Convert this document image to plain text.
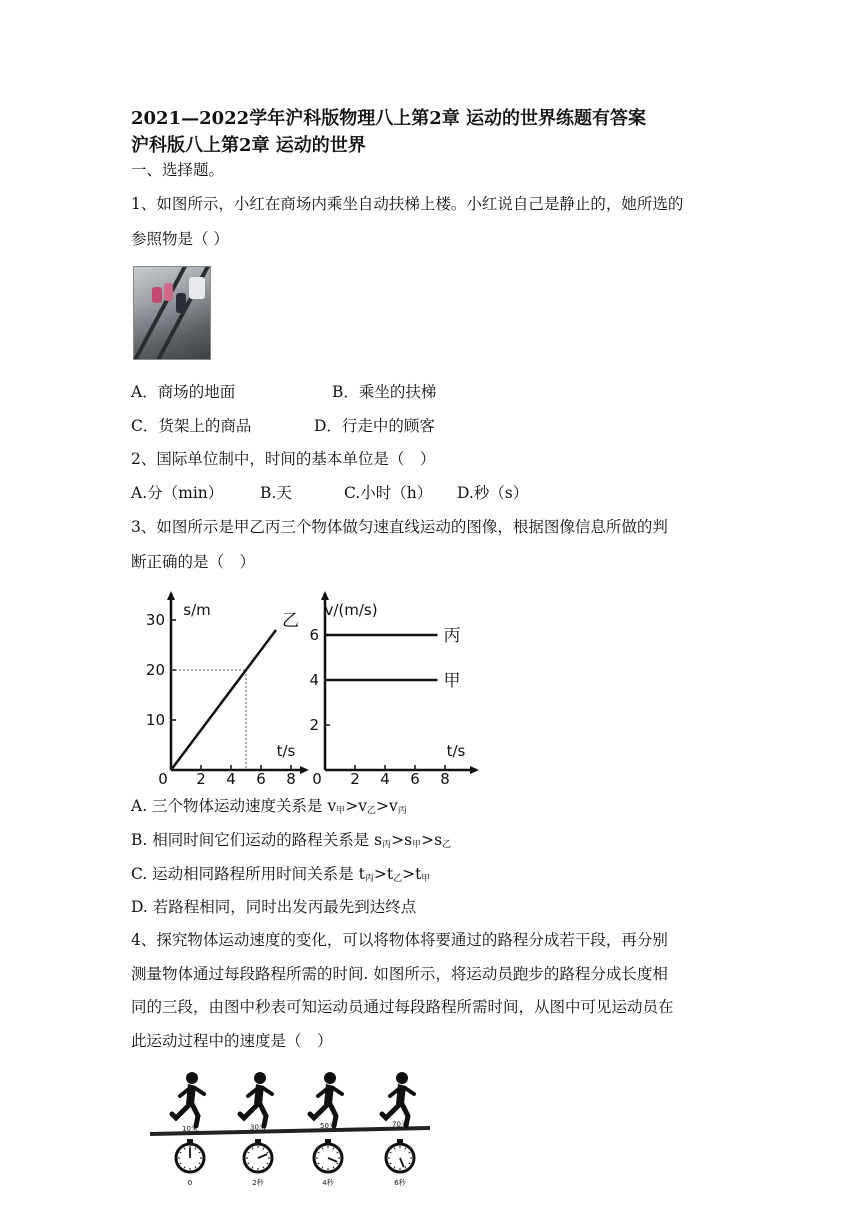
2021—2022学年沪科版物理八上第2章 运动的世界练题有答案
沪科版八上第2章 运动的世界
一、选择题。
1、如图所示，小红在商场内乘坐自动扶梯上楼。小红说自己是静止的，她所选的
参照物是（ ）
A．商场的地面	B．乘坐的扶梯
C．货架上的商品	D．行走中的顾客
2、国际单位制中，时间的基本单位是（　）
A.分（min） B.天	C.小时（h） D.秒（s）
3、如图所示是甲乙丙三个物体做匀速直线运动的图像，根据图像信息所做的判
断正确的是（　）
s/m
t/s
0 2 4 6 8
10
20
30	乙
v/(m/s)
t/s
0 2 4 6 8
2
4
6	丙
甲
A. 三个物体运动速度关系是 $v_甲>v_乙>v_丙$
B. 相同时间它们运动的路程关系是 $s_丙>s_甲>s_乙$
C. 运动相同路程所用时间关系是 $t_丙>t_乙>t_甲$
D. 若路程相同，同时出发丙最先到达终点
4、探究物体运动速度的变化，可以将物体将要通过的路程分成若干段，再分别
测量物体通过每段路程所需的时间. 如图所示，将运动员跑步的路程分成长度相
同的三段，由图中秒表可知运动员通过每段路程所需时间，从图中可见运动员在
此运动过程中的速度是（　）
10米
0
30米
2秒
50米
4秒
70米
6秒
